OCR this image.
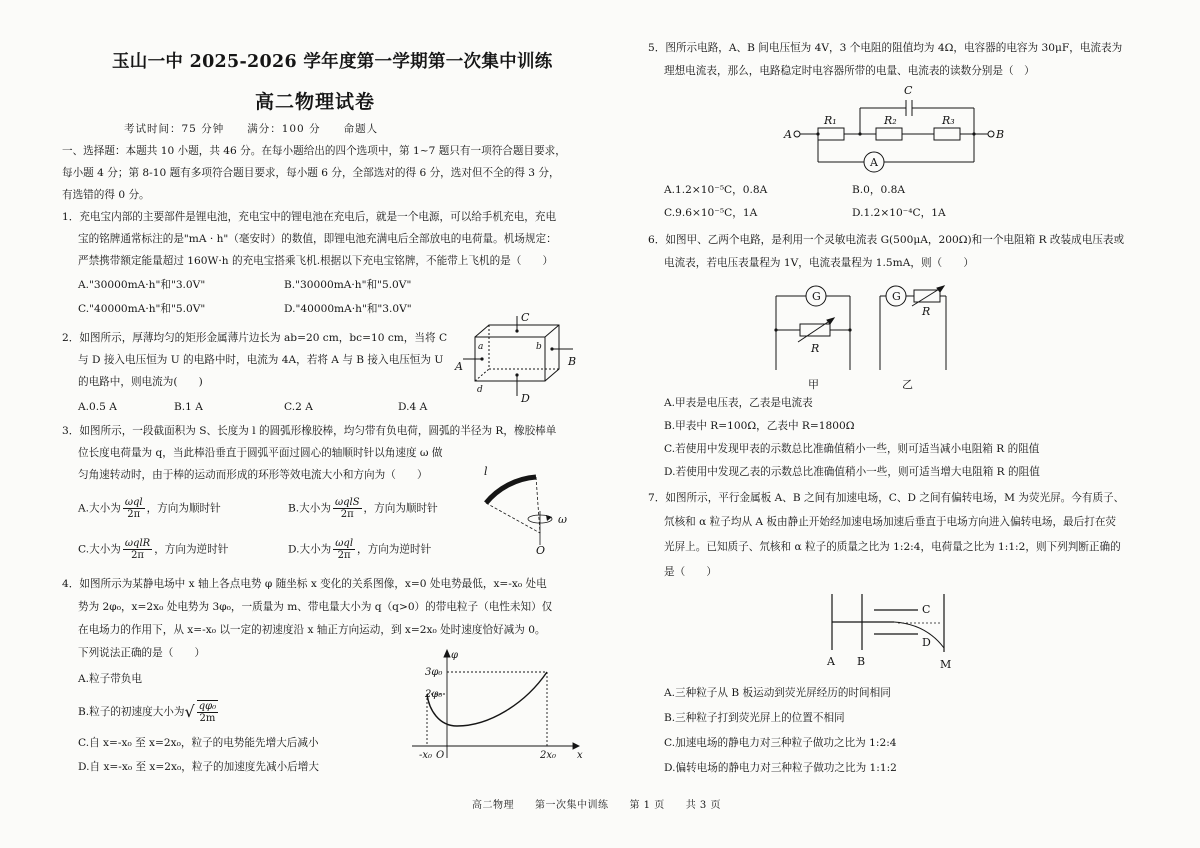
玉山一中 2025-2026 学年度第一学期第一次集中训练
高二物理试卷
考试时间：75 分钟　　满分：100 分　　命题人
一、选择题：本题共 10 小题，共 46 分。在每小题给出的四个选项中，第 1~7 题只有一项符合题目要求，
每小题 4 分；第 8-10 题有多项符合题目要求，每小题 6 分，全部选对的得 6 分，选对但不全的得 3 分，
有选错的得 0 分。
1．充电宝内部的主要部件是锂电池，充电宝中的锂电池在充电后，就是一个电源，可以给手机充电，充电
宝的铭牌通常标注的是"mA · h"（毫安时）的数值，即锂电池充满电后全部放电的电荷量。机场规定：
严禁携带额定能量超过 160W·h 的充电宝搭乘飞机.根据以下充电宝铭牌，不能带上飞机的是（　　）
A."30000mA·h"和"3.0V"	B."30000mA·h"和"5.0V"
C."40000mA·h"和"5.0V"	D."40000mA·h"和"3.0V"
2．如图所示，厚薄均匀的矩形金属薄片边长为 ab=20 cm，bc=10 cm，当将 C
与 D 接入电压恒为 U 的电路中时，电流为 4A，若将 A 与 B 接入电压恒为 U
的电路中，则电流为(　　)
A.0.5 A	B.1 A	C.2 A	D.4 A
C
a	b
A	B
d
D
3．如图所示，一段截面积为 S、长度为 l 的圆弧形橡胶棒，均匀带有负电荷，圆弧的半径为 R，橡胶棒单
位长度电荷量为 q，当此棒沿垂直于圆弧平面过圆心的轴顺时针以角速度 ω 做
匀角速转动时，由于棒的运动而形成的环形等效电流大小和方向为（　　）
A.大小为 $\frac{\text{ωql}}{2\pi}$ ，方向为顺时针	B.大小为 $\frac{\text{ωqlS}}{2\pi}$ ，方向为顺时针
C.大小为 $\frac{\text{ωqlR}}{2\pi}$ ，方向为逆时针	D.大小为 $\frac{\text{ωql}}{2\pi}$ ，方向为逆时针
l
ω
O
4．如图所示为某静电场中 x 轴上各点电势 φ 随坐标 x 变化的关系图像，x=0 处电势最低，x=-x₀ 处电
势为 2φ₀，x=2x₀ 处电势为 3φ₀，一质量为 m、带电量大小为 q（q>0）的带电粒子（电性未知）仅
在电场力的作用下，从 x=-x₀ 以一定的初速度沿 x 轴正方向运动，到 x=2x₀ 处时速度恰好减为 0。
下列说法正确的是（　　）
A.粒子带负电
B.粒子的初速度大小为√ $\frac{\text{qφ₀}}{2m}$
C.自 x=-x₀ 至 x=2x₀，粒子的电势能先增大后减小
D.自 x=-x₀ 至 x=2x₀，粒子的加速度先减小后增大
φ
3φ₀
2φ₀
-x₀ O	2x₀ x
5．图所示电路，A、B 间电压恒为 4V，3 个电阻的阻值均为 4Ω，电容器的电容为 30μF，电流表为
理想电流表，那么，电路稳定时电容器所带的电量、电流表的读数分别是（　）
C
R₁	R₂	R₃
A	B
A
A.1.2×10⁻⁵C，0.8A	B.0，0.8A
C.9.6×10⁻⁵C，1A	D.1.2×10⁻⁴C，1A
6．如图甲、乙两个电路，是利用一个灵敏电流表 G(500μA，200Ω)和一个电阻箱 R 改装成电压表或
电流表，若电压表量程为 1V，电流表量程为 1.5mA，则（　　）
G
R
G
R
甲	乙
A.甲表是电压表，乙表是电流表
B.甲表中 R=100Ω，乙表中 R=1800Ω
C.若使用中发现甲表的示数总比准确值稍小一些，则可适当减小电阻箱 R 的阻值
D.若使用中发现乙表的示数总比准确值稍小一些，则可适当增大电阻箱 R 的阻值
7．如图所示，平行金属板 A、B 之间有加速电场，C、D 之间有偏转电场，M 为荧光屏。今有质子、
氘核和 α 粒子均从 A 板由静止开始经加速电场加速后垂直于电场方向进入偏转电场，最后打在荧
光屏上。已知质子、氘核和 α 粒子的质量之比为 1:2:4，电荷量之比为 1:1:2，则下列判断正确的
是（　　）
C
D
A B	M
A.三种粒子从 B 板运动到荧光屏经历的时间相同
B.三种粒子打到荧光屏上的位置不相同
C.加速电场的静电力对三种粒子做功之比为 1:2:4
D.偏转电场的静电力对三种粒子做功之比为 1:1:2
高二物理　　第一次集中训练　　第 1 页　　共 3 页
